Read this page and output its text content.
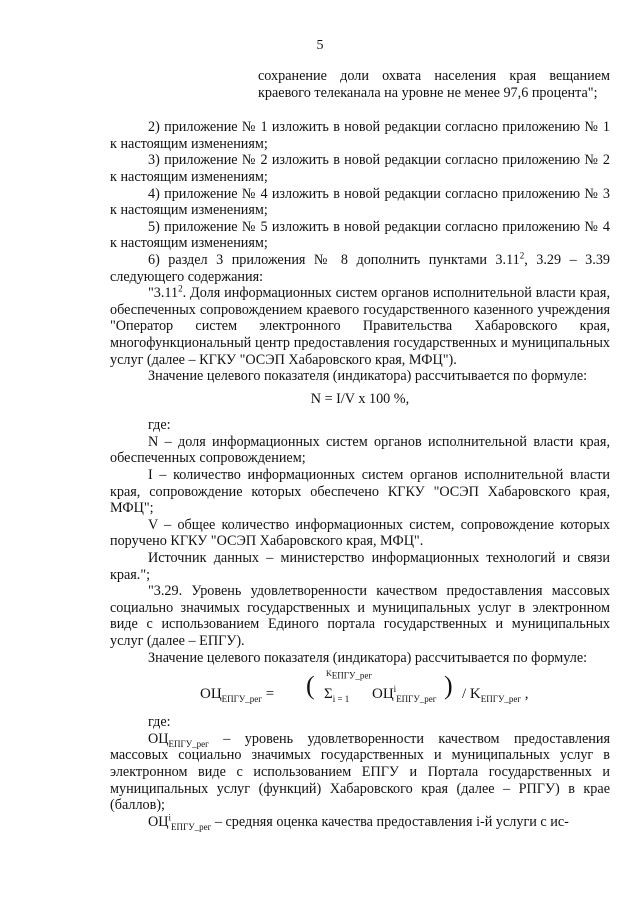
5

сохранение доли охвата населения края вещанием краевого телеканала на уровне не менее 97,6 процента";

2) приложение № 1 изложить в новой редакции согласно приложению № 1 к настоящим изменениям;

3) приложение № 2 изложить в новой редакции согласно приложению № 2 к настоящим изменениям;

4) приложение № 4 изложить в новой редакции согласно приложению № 3 к настоящим изменениям;

5) приложение № 5 изложить в новой редакции согласно приложению № 4 к настоящим изменениям;

6) раздел 3 приложения № 8 дополнить пунктами 3.11$^2$, 3.29 – 3.39 следующего содержания:

"3.11$^2$. Доля информационных систем органов исполнительной власти края, обеспеченных сопровождением краевого государственного казенного учреждения "Оператор систем электронного Правительства Хабаровского края, многофункциональный центр предоставления государственных и муниципальных услуг (далее – КГКУ "ОСЭП Хабаровского края, МФЦ").

Значение целевого показателя (индикатора) рассчитывается по формуле:

N = I/V x 100 %,

где:

N – доля информационных систем органов исполнительной власти края, обеспеченных сопровождением;

I – количество информационных систем органов исполнительной власти края, сопровождение которых обеспечено КГКУ "ОСЭП Хабаровского края, МФЦ";

V – общее количество информационных систем, сопровождение которых поручено КГКУ "ОСЭП Хабаровского края, МФЦ".

Источник данных – министерство информационных технологий и связи края.";

"3.29. Уровень удовлетворенности качеством предоставления массовых социально значимых государственных и муниципальных услуг в электронном виде с использованием Единого портала государственных и муниципальных услуг (далее – ЕПГУ).

Значение целевого показателя (индикатора) рассчитывается по формуле:

$ОЦ_{ЕПГУ\_рег}$ = ( $K_{ЕПГУ\_рег}$
$\Sigma_{i = 1}$ $ОЦ^i_{ЕПГУ\_рег}$ ) / $K_{ЕПГУ\_рег}$ ,

где:

$ОЦ_{ЕПГУ\_рег}$ – уровень удовлетворенности качеством предоставления массовых социально значимых государственных и муниципальных услуг в электронном виде с использованием ЕПГУ и Портала государственных и муниципальных услуг (функций) Хабаровского края (далее – РПГУ) в крае (баллов);

$ОЦ^i_{ЕПГУ\_рег}$ – средняя оценка качества предоставления i-й услуги с ис-
